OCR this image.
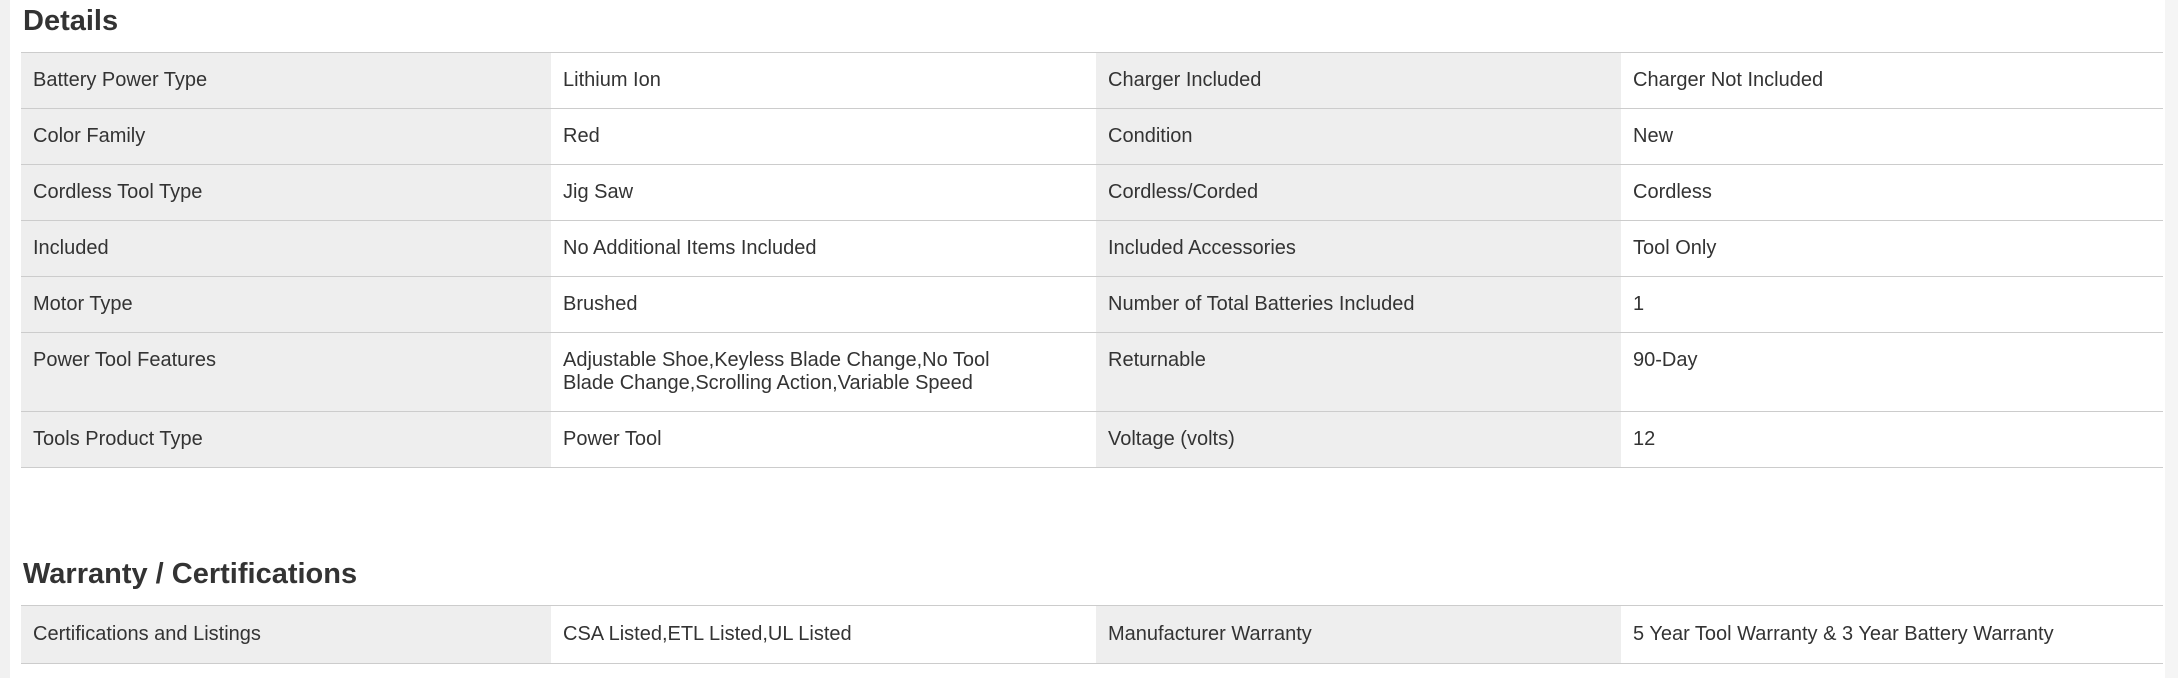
Details
Battery Power Type	Lithium Ion	Charger Included	Charger Not Included
Color Family	Red	Condition	New
Cordless Tool Type	Jig Saw	Cordless/Corded	Cordless
Included	No Additional Items Included	Included Accessories	Tool Only
Motor Type	Brushed	Number of Total Batteries Included	1
Power Tool Features	Adjustable Shoe,Keyless Blade Change,No Tool Blade Change,Scrolling Action,Variable Speed	Returnable	90-Day
Tools Product Type	Power Tool	Voltage (volts)	12
Warranty / Certifications
Certifications and Listings	CSA Listed,ETL Listed,UL Listed	Manufacturer Warranty	5 Year Tool Warranty & 3 Year Battery Warranty
